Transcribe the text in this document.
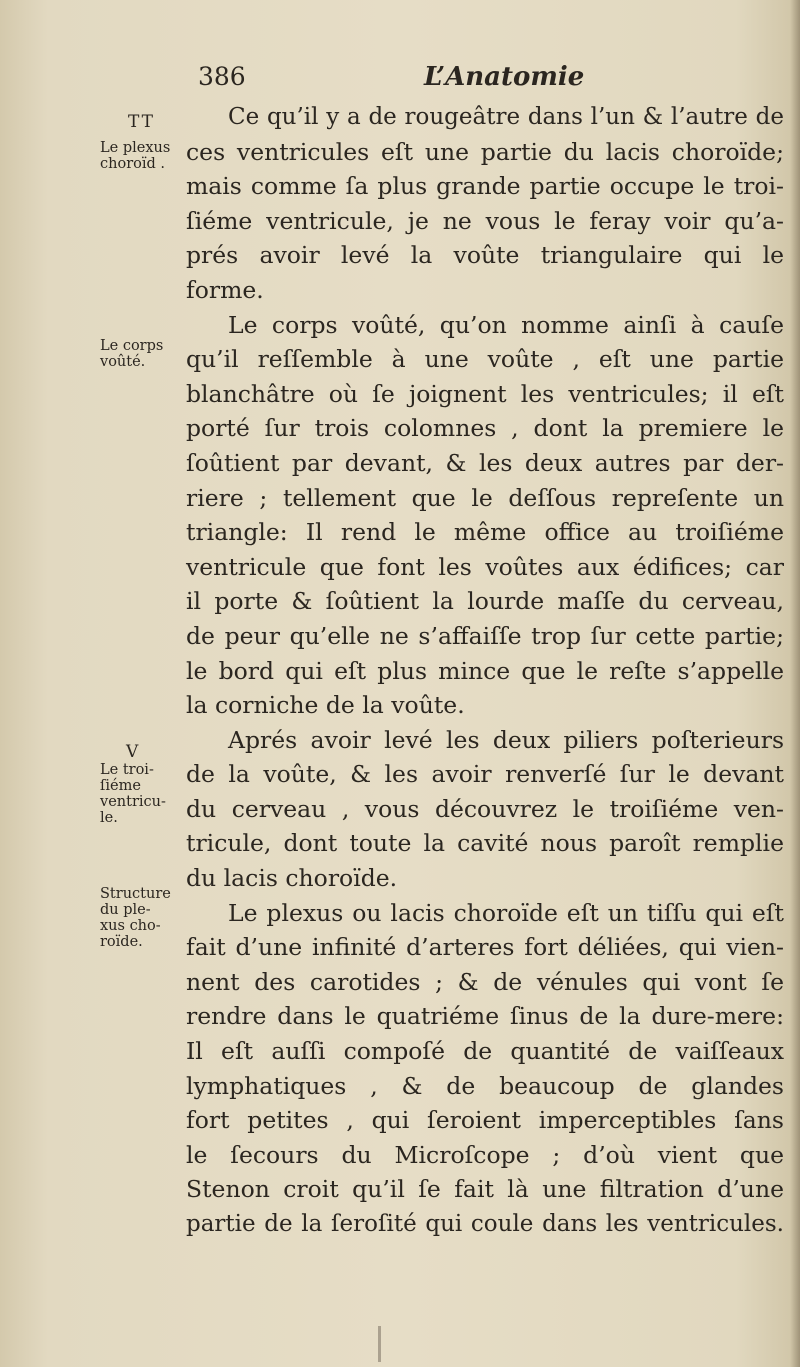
386	L’Anatomie
TT
V
Le plexus
choroïd .
Le corps
voûté.
Le troi-
ſiéme
ventricu-
le.
Structure
du ple-
xus cho-
roïde.
Ce qu’il y a de rougeâtre dans l’un & l’autre de
ces ventricules eſt une partie du lacis choroïde;
mais comme ſa plus grande partie occupe le troi-
ſiéme ventricule, je ne vous le feray voir qu’a-
prés avoir levé la voûte triangulaire qui le
forme.
Le corps voûté, qu’on nomme ainſi à cauſe
qu’il reſſemble à une voûte , eſt une partie
blanchâtre où ſe joignent les ventricules; il eſt
porté ſur trois colomnes , dont la premiere le
ſoûtient par devant, & les deux autres par der-
riere ; tellement que le deſſous repreſente un
triangle: Il rend le même office au troiſiéme
ventricule que font les voûtes aux édifices; car
il porte & ſoûtient la lourde maſſe du cerveau,
de peur qu’elle ne s’affaiſſe trop ſur cette partie;
le bord qui eſt plus mince que le reſte s’appelle
la corniche de la voûte.
Aprés avoir levé les deux piliers poſterieurs
de la voûte, & les avoir renverſé ſur le devant
du cerveau , vous découvrez le troiſiéme ven-
tricule, dont toute la cavité nous paroît remplie
du lacis choroïde.
Le plexus ou lacis choroïde eſt un tiſſu qui eſt
fait d’une infinité d’arteres fort déliées, qui vien-
nent des carotides ; & de vénules qui vont ſe
rendre dans le quatriéme ſinus de la dure-mere:
Il eſt auſſi compoſé de quantité de vaiſſeaux
lymphatiques , & de beaucoup de glandes
fort petites , qui ſeroient imperceptibles ſans
le ſecours du Microſcope ; d’où vient que
Stenon croit qu’il ſe fait là une filtration d’une
partie de la ſeroſité qui coule dans les ventricules.
